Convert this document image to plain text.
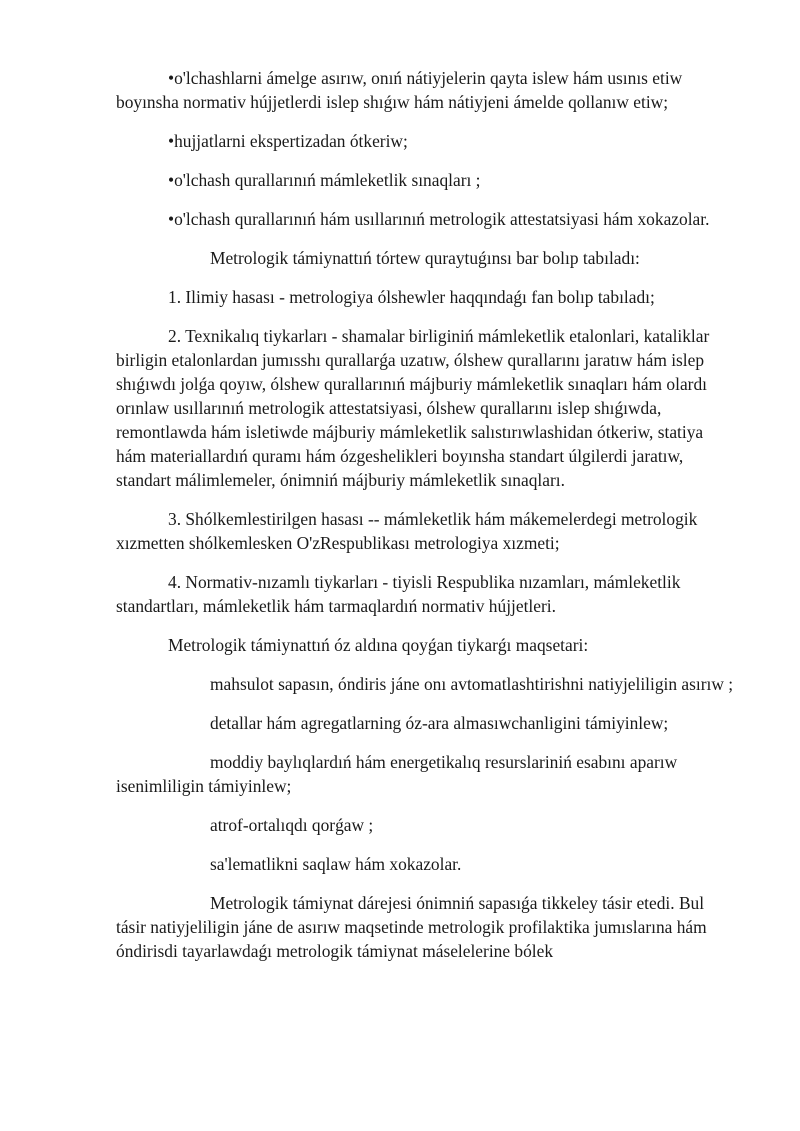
•o'lchashlarni ámelge asırıw, onıń nátiyjelerin qayta islew hám usınıs etiw boyınsha normativ hújjetlerdi islep shıǵıw hám nátiyjeni ámelde qollanıw etiw;

•hujjatlarni ekspertizadan ótkeriw;

•o'lchash qurallarınıń mámleketlik sınaqları ;

•o'lchash qurallarınıń hám usıllarınıń metrologik attestatsiyasi hám xokazolar.

Metrologik támiynattıń tórtew quraytuǵınsı bar bolıp tabıladı:

1. Ilimiy hasası - metrologiya ólshewler haqqındaǵı fan bolıp tabıladı;

2. Texnikalıq tiykarları - shamalar birliginiń mámleketlik etalonlari, kataliklar birligin etalonlardan jumısshı qurallarǵa uzatıw, ólshew qurallarını jaratıw hám islep shıǵıwdı jolǵa qoyıw, ólshew qurallarınıń májburiy mámleketlik sınaqları hám olardı orınlaw usıllarınıń metrologik attestatsiyasi, ólshew qurallarını islep shıǵıwda, remontlawda hám isletiwde májburiy mámleketlik salıstırıwlashidan ótkeriw, statiya hám materiallardıń quramı hám ózgeshelikleri boyınsha standart úlgilerdi jaratıw, standart málimlemeler, ónimniń májburiy mámleketlik sınaqları.

3. Shólkemlestirilgen hasası -- mámleketlik hám mákemelerdegi metrologik xızmetten shólkemlesken O'zRespublikası metrologiya xızmeti;

4. Normativ-nızamlı tiykarları - tiyisli Respublika nızamları, mámleketlik standartları, mámleketlik hám tarmaqlardıń normativ hújjetleri.

Metrologik támiynattıń óz aldına qoyǵan tiykarǵı maqsetari:

mahsulot sapasın, óndiris jáne onı avtomatlashtirishni natiyjeliligin asırıw ;

detallar hám agregatlarning óz-ara almasıwchanligini támiyinlew;

moddiy baylıqlardıń hám energetikalıq resurslariniń esabını aparıw isenimliligin támiyinlew;

atrof-ortalıqdı qorǵaw ;

sa'lematlikni saqlaw hám xokazolar.

Metrologik támiynat dárejesi ónimniń sapasıǵa tikkeley tásir etedi. Bul tásir natiyjeliligin jáne de asırıw maqsetinde metrologik profilaktika jumıslarına hám óndirisdi tayarlawdaǵı metrologik támiynat máselelerine bólek
